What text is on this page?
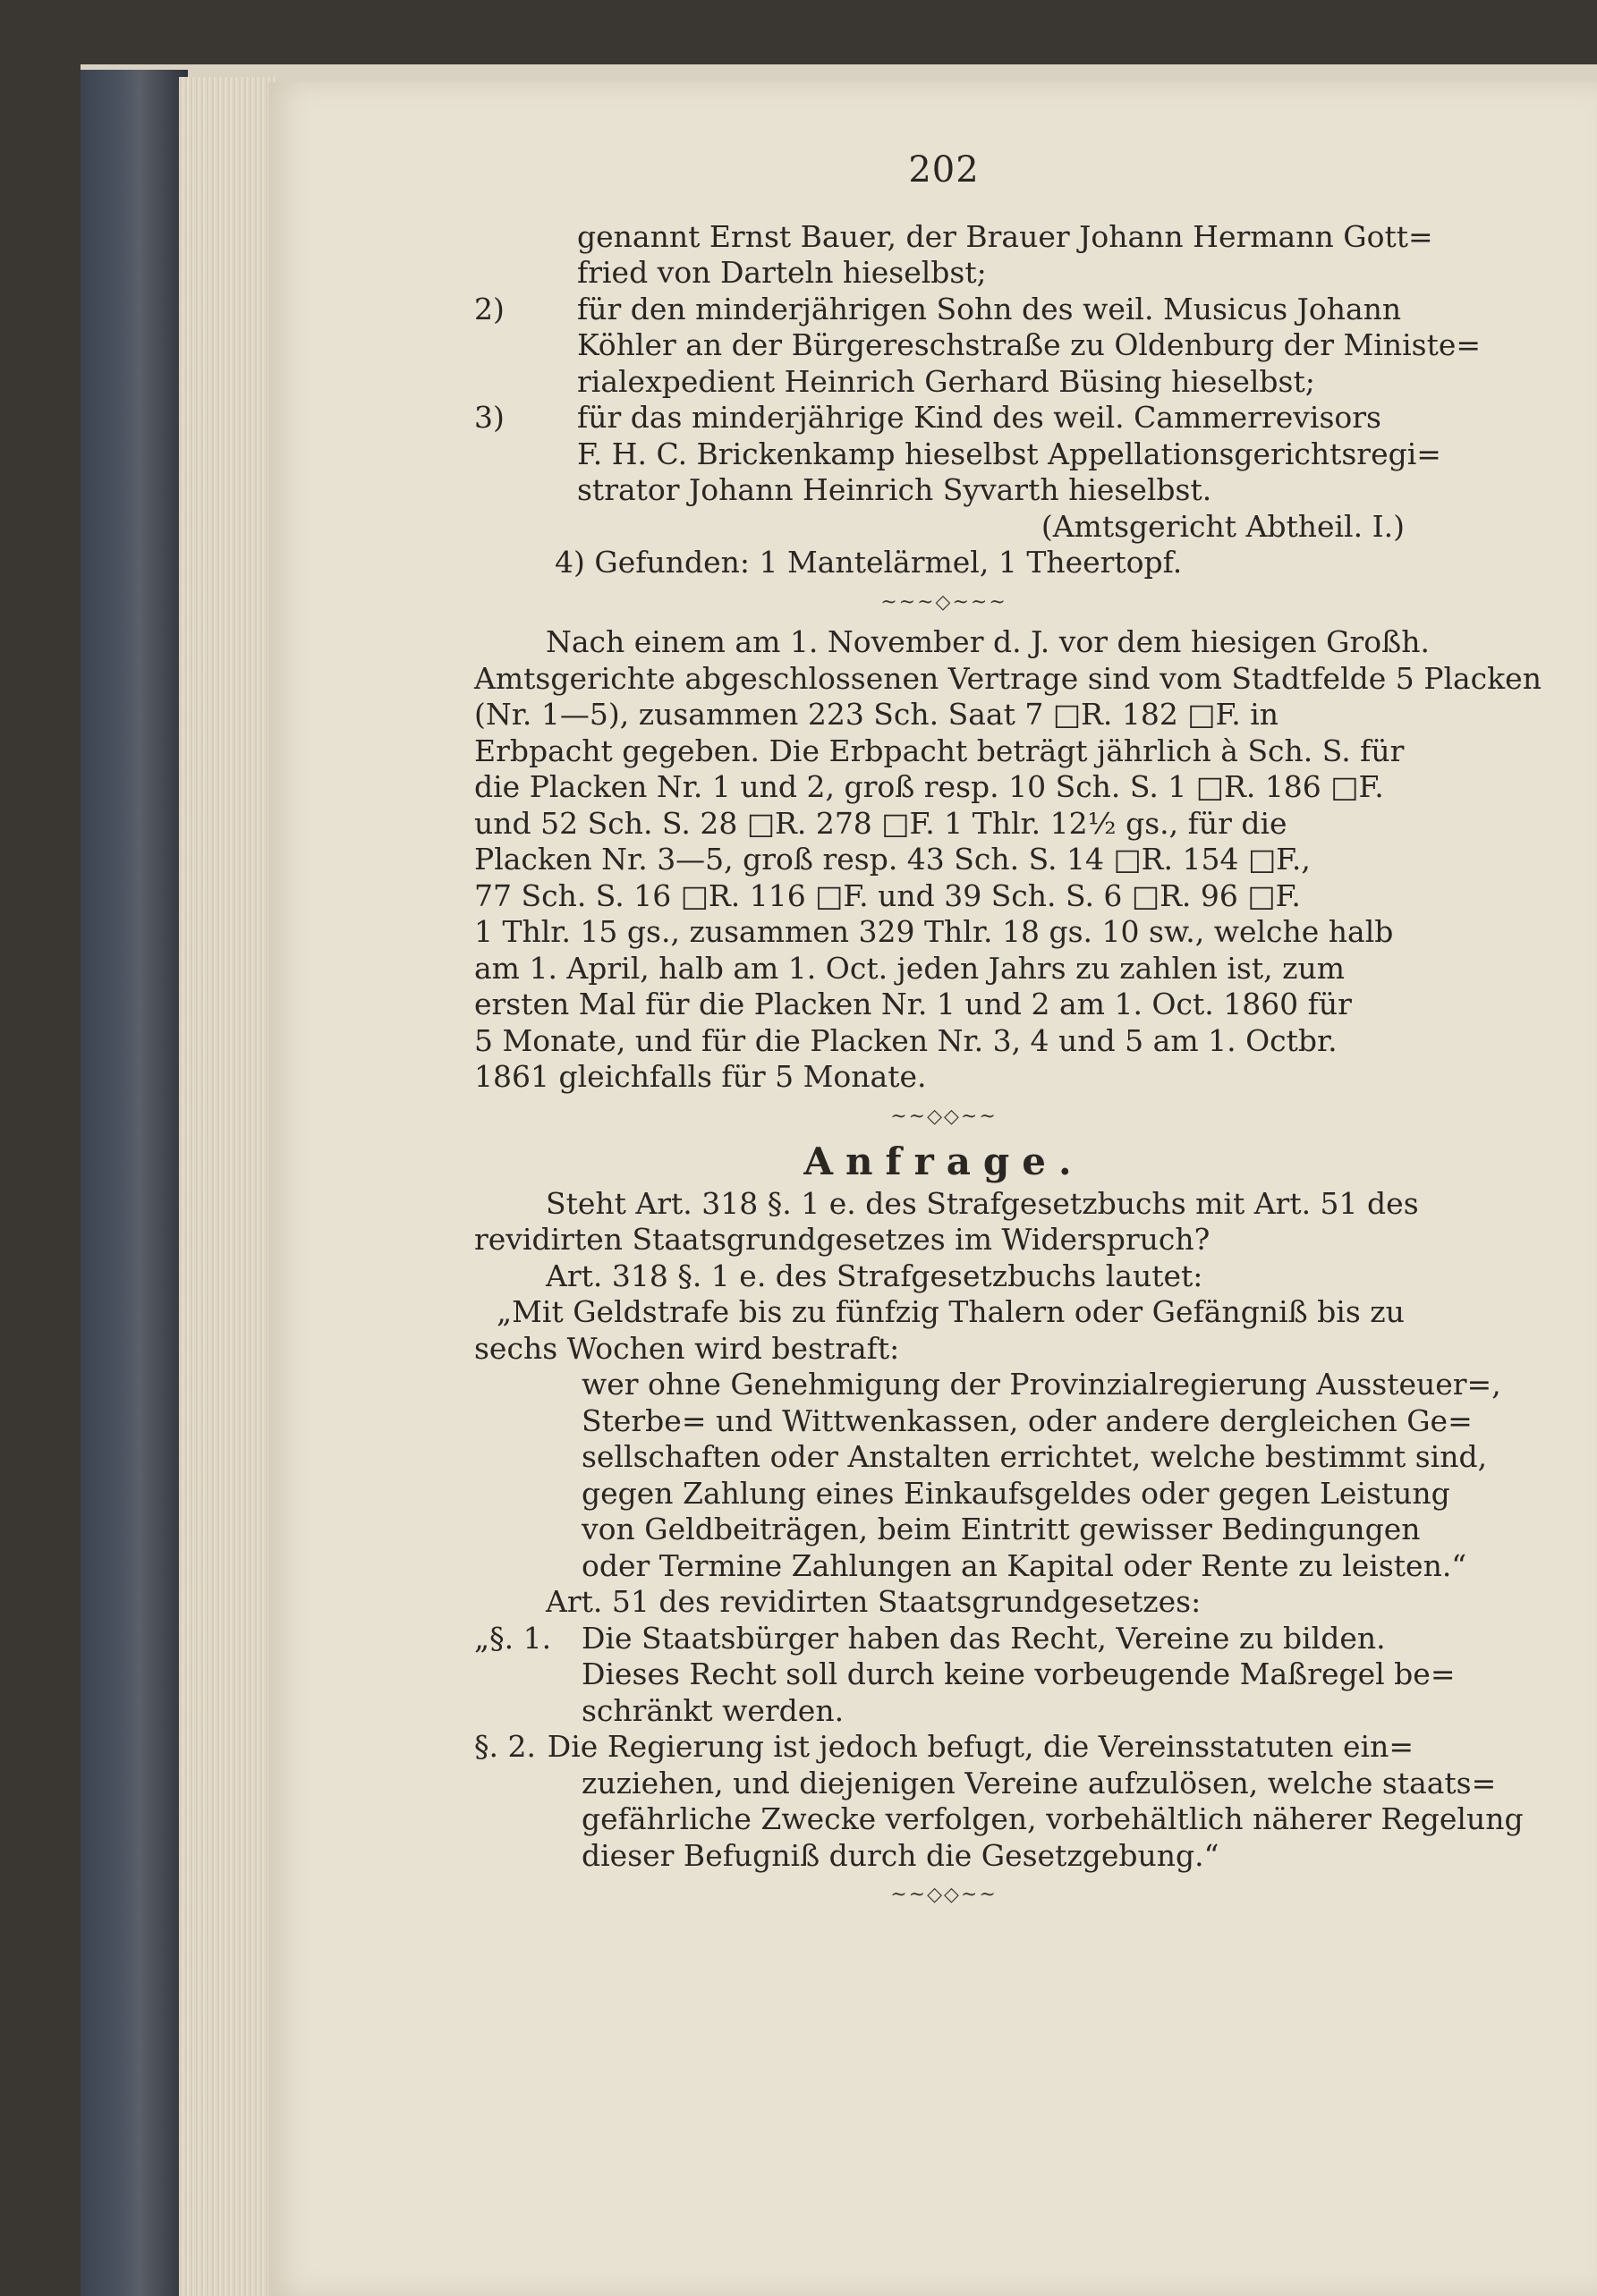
202
genannt Ernst Bauer, der Brauer Johann Hermann Gott=
fried von Darteln hieselbst;
2)	für den minderjährigen Sohn des weil. Musicus Johann
Köhler an der Bürgereschstraße zu Oldenburg der Ministe=
rialexpedient Heinrich Gerhard Büsing hieselbst;
3)	für das minderjährige Kind des weil. Cammerrevisors
F. H. C. Brickenkamp hieselbst Appellationsgerichtsregi=
strator Johann Heinrich Syvarth hieselbst.
(Amtsgericht Abtheil. I.)
4) Gefunden: 1 Mantelärmel, 1 Theertopf.
~~~◇~~~
Nach einem am 1. November d. J. vor dem hiesigen Großh.
Amtsgerichte abgeschlossenen Vertrage sind vom Stadtfelde 5 Placken
(Nr. 1—5), zusammen 223 Sch. Saat 7 □R. 182 □F. in
Erbpacht gegeben. Die Erbpacht beträgt jährlich à Sch. S. für
die Placken Nr. 1 und 2, groß resp. 10 Sch. S. 1 □R. 186 □F.
und 52 Sch. S. 28 □R. 278 □F. 1 Thlr. 12½ gs., für die
Placken Nr. 3—5, groß resp. 43 Sch. S. 14 □R. 154 □F.,
77 Sch. S. 16 □R. 116 □F. und 39 Sch. S. 6 □R. 96 □F.
1 Thlr. 15 gs., zusammen 329 Thlr. 18 gs. 10 sw., welche halb
am 1. April, halb am 1. Oct. jeden Jahrs zu zahlen ist, zum
ersten Mal für die Placken Nr. 1 und 2 am 1. Oct. 1860 für
5 Monate, und für die Placken Nr. 3, 4 und 5 am 1. Octbr.
1861 gleichfalls für 5 Monate.
~~◇◇~~
Anfrage.
Steht Art. 318 §. 1 e. des Strafgesetzbuchs mit Art. 51 des
revidirten Staatsgrundgesetzes im Widerspruch?
Art. 318 §. 1 e. des Strafgesetzbuchs lautet:
„Mit Geldstrafe bis zu fünfzig Thalern oder Gefängniß bis zu
sechs Wochen wird bestraft:
wer ohne Genehmigung der Provinzialregierung Aussteuer=,
Sterbe= und Wittwenkassen, oder andere dergleichen Ge=
sellschaften oder Anstalten errichtet, welche bestimmt sind,
gegen Zahlung eines Einkaufsgeldes oder gegen Leistung
von Geldbeiträgen, beim Eintritt gewisser Bedingungen
oder Termine Zahlungen an Kapital oder Rente zu leisten.“
Art. 51 des revidirten Staatsgrundgesetzes:
„§. 1.	Die Staatsbürger haben das Recht, Vereine zu bilden.
Dieses Recht soll durch keine vorbeugende Maßregel be=
schränkt werden.
§. 2. Die Regierung ist jedoch befugt, die Vereinsstatuten ein=
zuziehen, und diejenigen Vereine aufzulösen, welche staats=
gefährliche Zwecke verfolgen, vorbehältlich näherer Regelung
dieser Befugniß durch die Gesetzgebung.“
~~◇◇~~
